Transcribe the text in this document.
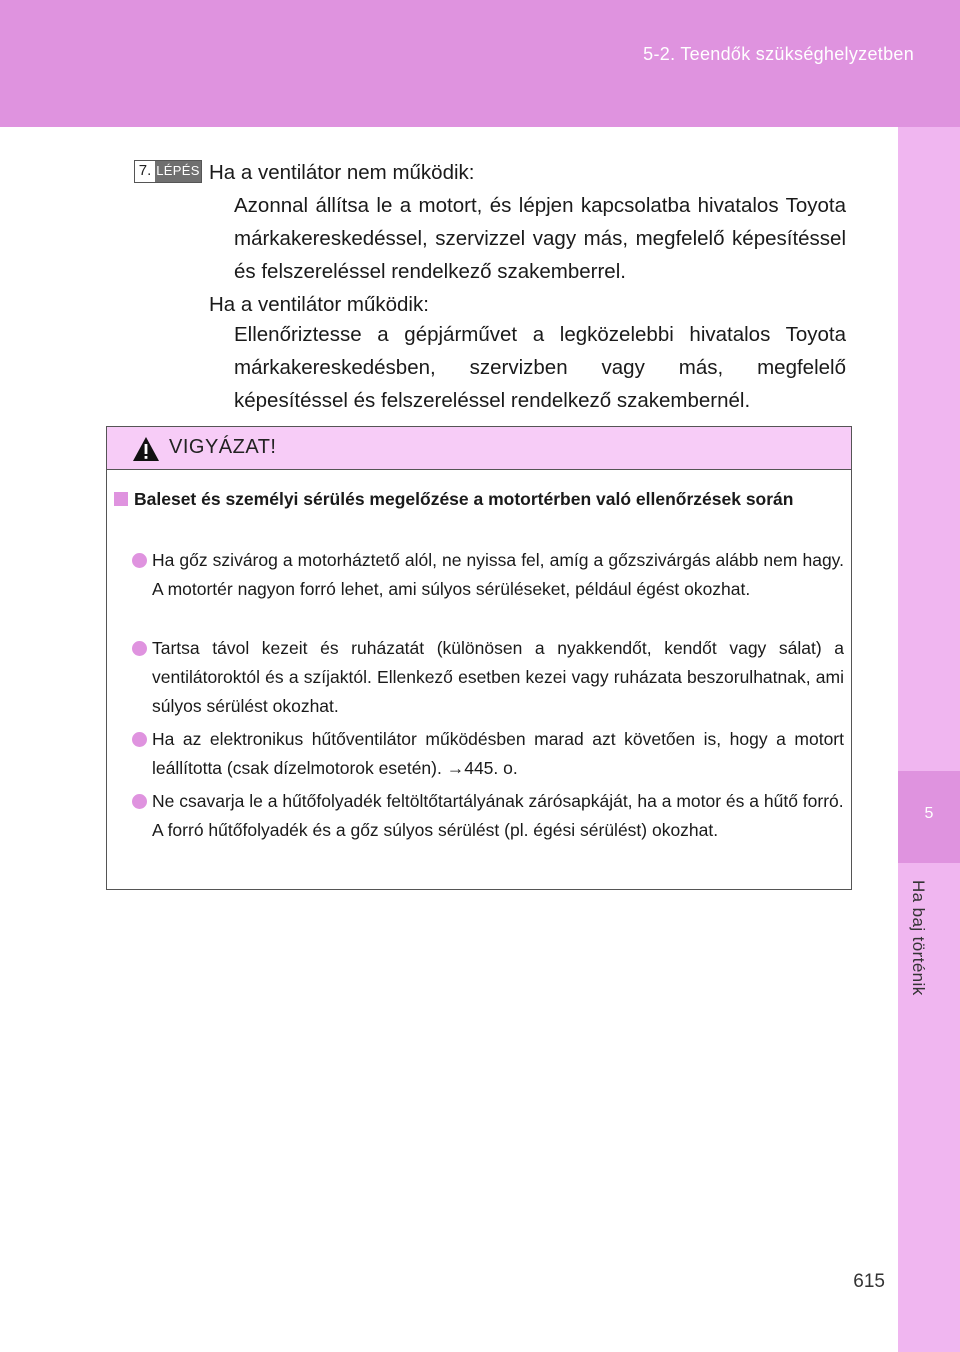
5-2. Teendők szükséghelyzetben
5
Ha baj történik
7. LÉPÉS Ha a ventilátor nem működik:
Azonnal állítsa le a motort, és lépjen kapcsolatba hivatalos Toyota márkakereskedéssel, szervizzel vagy más, megfelelő képesítéssel és felszereléssel rendelkező szakemberrel.
Ha a ventilátor működik:
Ellenőriztesse a gépjárművet a legközelebbi hivatalos Toyota márkakereskedésben, szervizben vagy más, megfelelő képesítéssel és felszereléssel rendelkező szakembernél.
VIGYÁZAT!
Baleset és személyi sérülés megelőzése a motortérben való ellenőrzések során
Ha gőz szivárog a motorháztető alól, ne nyissa fel, amíg a gőzszivárgás alább nem hagy. A motortér nagyon forró lehet, ami súlyos sérüléseket, például égést okozhat.
Tartsa távol kezeit és ruházatát (különösen a nyakkendőt, kendőt vagy sálat) a ventilátoroktól és a szíjaktól. Ellenkező esetben kezei vagy ruházata beszorulhatnak, ami súlyos sérülést okozhat.
Ha az elektronikus hűtőventilátor működésben marad azt követően is, hogy a motort leállította (csak dízelmotorok esetén). →445. o.
Ne csavarja le a hűtőfolyadék feltöltőtartályának zárósapkáját, ha a motor és a hűtő forró.
A forró hűtőfolyadék és a gőz súlyos sérülést (pl. égési sérülést) okozhat.
615
